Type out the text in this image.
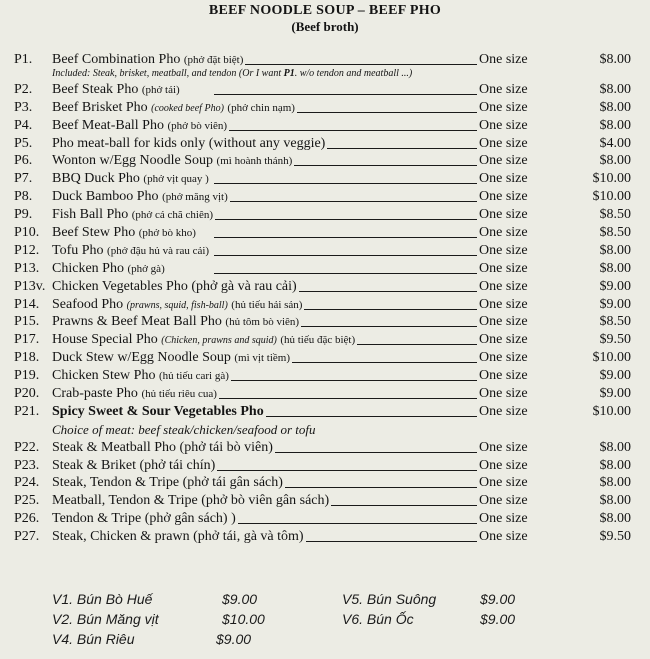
BEEF NOODLE SOUP – BEEF PHO
(Beef broth)
P1.	Beef Combination Pho (phở đặt biệt)	One size	$8.00
Included: Steak, brisket, meatball, and tendon (Or I want P1. w/o tendon and meatball ...)
P2.	Beef Steak Pho (phở tái)	One size	$8.00
P3.	Beef Brisket Pho (cooked beef Pho) (phở chin nạm)	One size	$8.00
P4.	Beef Meat-Ball Pho (phở bò viên)	One size	$8.00
P5.	Pho meat-ball for kids only (without any veggie)	One size	$4.00
P6.	Wonton w/Egg Noodle Soup (mì hoành thánh)	One size	$8.00
P7.	BBQ Duck Pho (phở vịt quay )	One size	$10.00
P8.	Duck Bamboo Pho (phở măng vịt)	One size	$10.00
P9.	Fish Ball Pho (phở cá chã chiên)	One size	$8.50
P10. Beef Stew Pho (phở bò kho)	One size	$8.50
P12. Tofu Pho (phở đậu hủ và rau cải)	One size	$8.00
P13. Chicken Pho (phở gà)	One size	$8.00
P13v. Chicken Vegetables Pho (phở gà và rau cải)	One size	$9.00
P14. Seafood Pho (prawns, squid, fish-ball) (hủ tiếu hải sản)	One size	$9.00
P15. Prawns & Beef Meat Ball Pho (hủ tôm bò viên)	One size	$8.50
P17. House Special Pho (Chicken, prawns and squid) (hủ tiếu đặc biệt)	One size	$9.50
P18. Duck Stew w/Egg Noodle Soup (mì vịt tiềm)	One size	$10.00
P19. Chicken Stew Pho (hủ tiếu cari gà)	One size	$9.00
P20. Crab-paste Pho (hủ tiếu riêu cua)	One size	$9.00
P21. Spicy Sweet & Sour Vegetables Pho	One size	$10.00
Choice of meat: beef steak/chicken/seafood or tofu
P22. Steak & Meatball Pho (phở tái bò viên)	One size	$8.00
P23. Steak & Briket (phở tái chín)	One size	$8.00
P24. Steak, Tendon & Tripe (phở tái gân sách)	One size	$8.00
P25. Meatball, Tendon & Tripe (phở bò viên gân sách)	One size	$8.00
P26. Tendon & Tripe (phở gân sách) )	One size	$8.00
P27. Steak, Chicken & prawn (phở tái, gà và tôm)	One size	$9.50
V1. Bún Bò Huế	$9.00
V2. Bún Măng vịt	$10.00
V4. Bún Riêu	$9.00
V5. Bún Suông	$9.00
V6. Bún Ốc	$9.00
